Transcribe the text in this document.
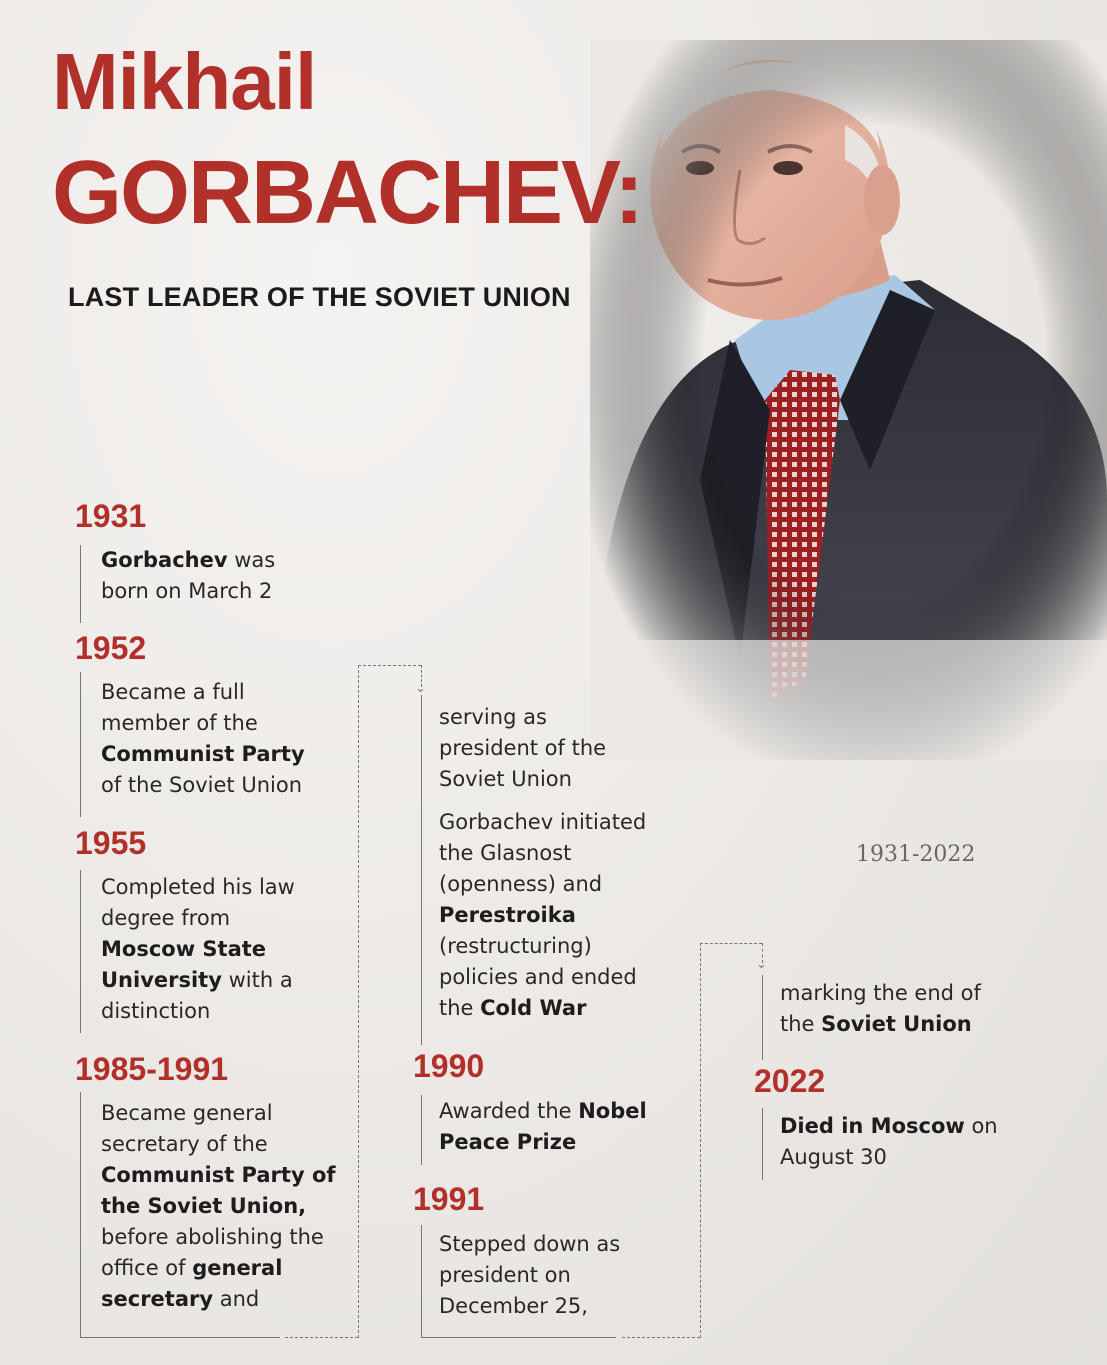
Mikhail
GORBACHEV:
LAST LEADER OF THE SOVIET UNION
1931-2022
⌄
⌄
1931

Gorbachev was born on March 2

1952

Became a full member of the Communist Party of the Soviet Union

1955

Completed his law degree from Moscow State University with a distinction

1985-1991

Became general secretary of the Communist Party of the Soviet Union, before abolishing the office of general secretary and

serving as president of the Soviet Union

Gorbachev initiated the Glasnost (openness) and Perestroika (restructuring) policies and ended the Cold War

1990

Awarded the Nobel Peace Prize

1991

Stepped down as president on December 25,

marking the end of the Soviet Union

2022

Died in Moscow on August 30
